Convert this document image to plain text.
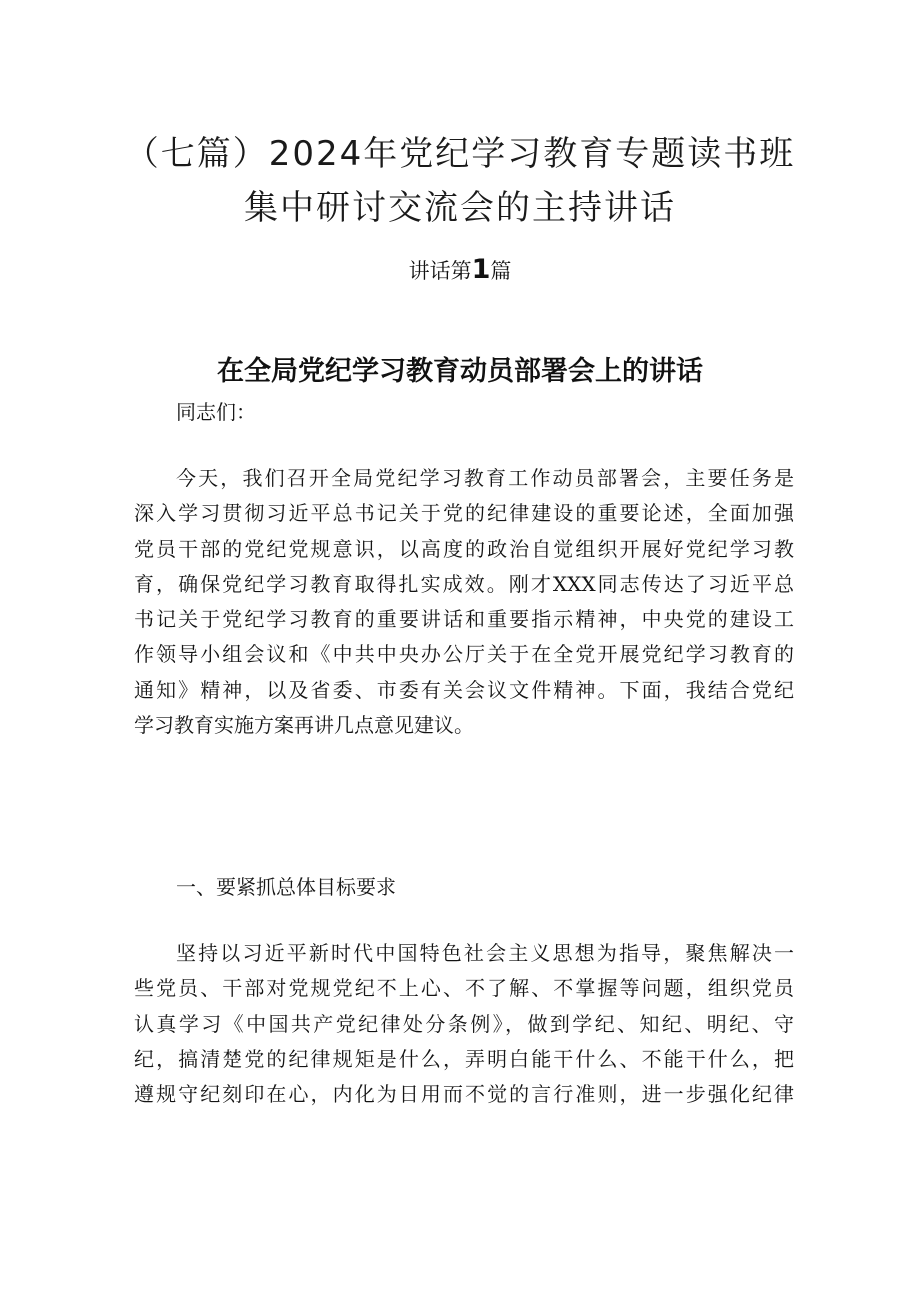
（七篇）2024年党纪学习教育专题读书班
集中研讨交流会的主持讲话
讲话第1篇
在全局党纪学习教育动员部署会上的讲话
同志们：
今天，我们召开全局党纪学习教育工作动员部署会，主要任务是
深入学习贯彻习近平总书记关于党的纪律建设的重要论述，全面加强
党员干部的党纪党规意识，以高度的政治自觉组织开展好党纪学习教
育，确保党纪学习教育取得扎实成效。刚才XXX同志传达了习近平总
书记关于党纪学习教育的重要讲话和重要指示精神，中央党的建设工
作领导小组会议和《中共中央办公厅关于在全党开展党纪学习教育的
通知》精神，以及省委、市委有关会议文件精神。下面，我结合党纪
学习教育实施方案再讲几点意见建议。
一、要紧抓总体目标要求
坚持以习近平新时代中国特色社会主义思想为指导，聚焦解决一
些党员、干部对党规党纪不上心、不了解、不掌握等问题，组织党员
认真学习《中国共产党纪律处分条例》，做到学纪、知纪、明纪、守
纪，搞清楚党的纪律规矩是什么，弄明白能干什么、不能干什么，把
遵规守纪刻印在心，内化为日用而不觉的言行准则，进一步强化纪律
